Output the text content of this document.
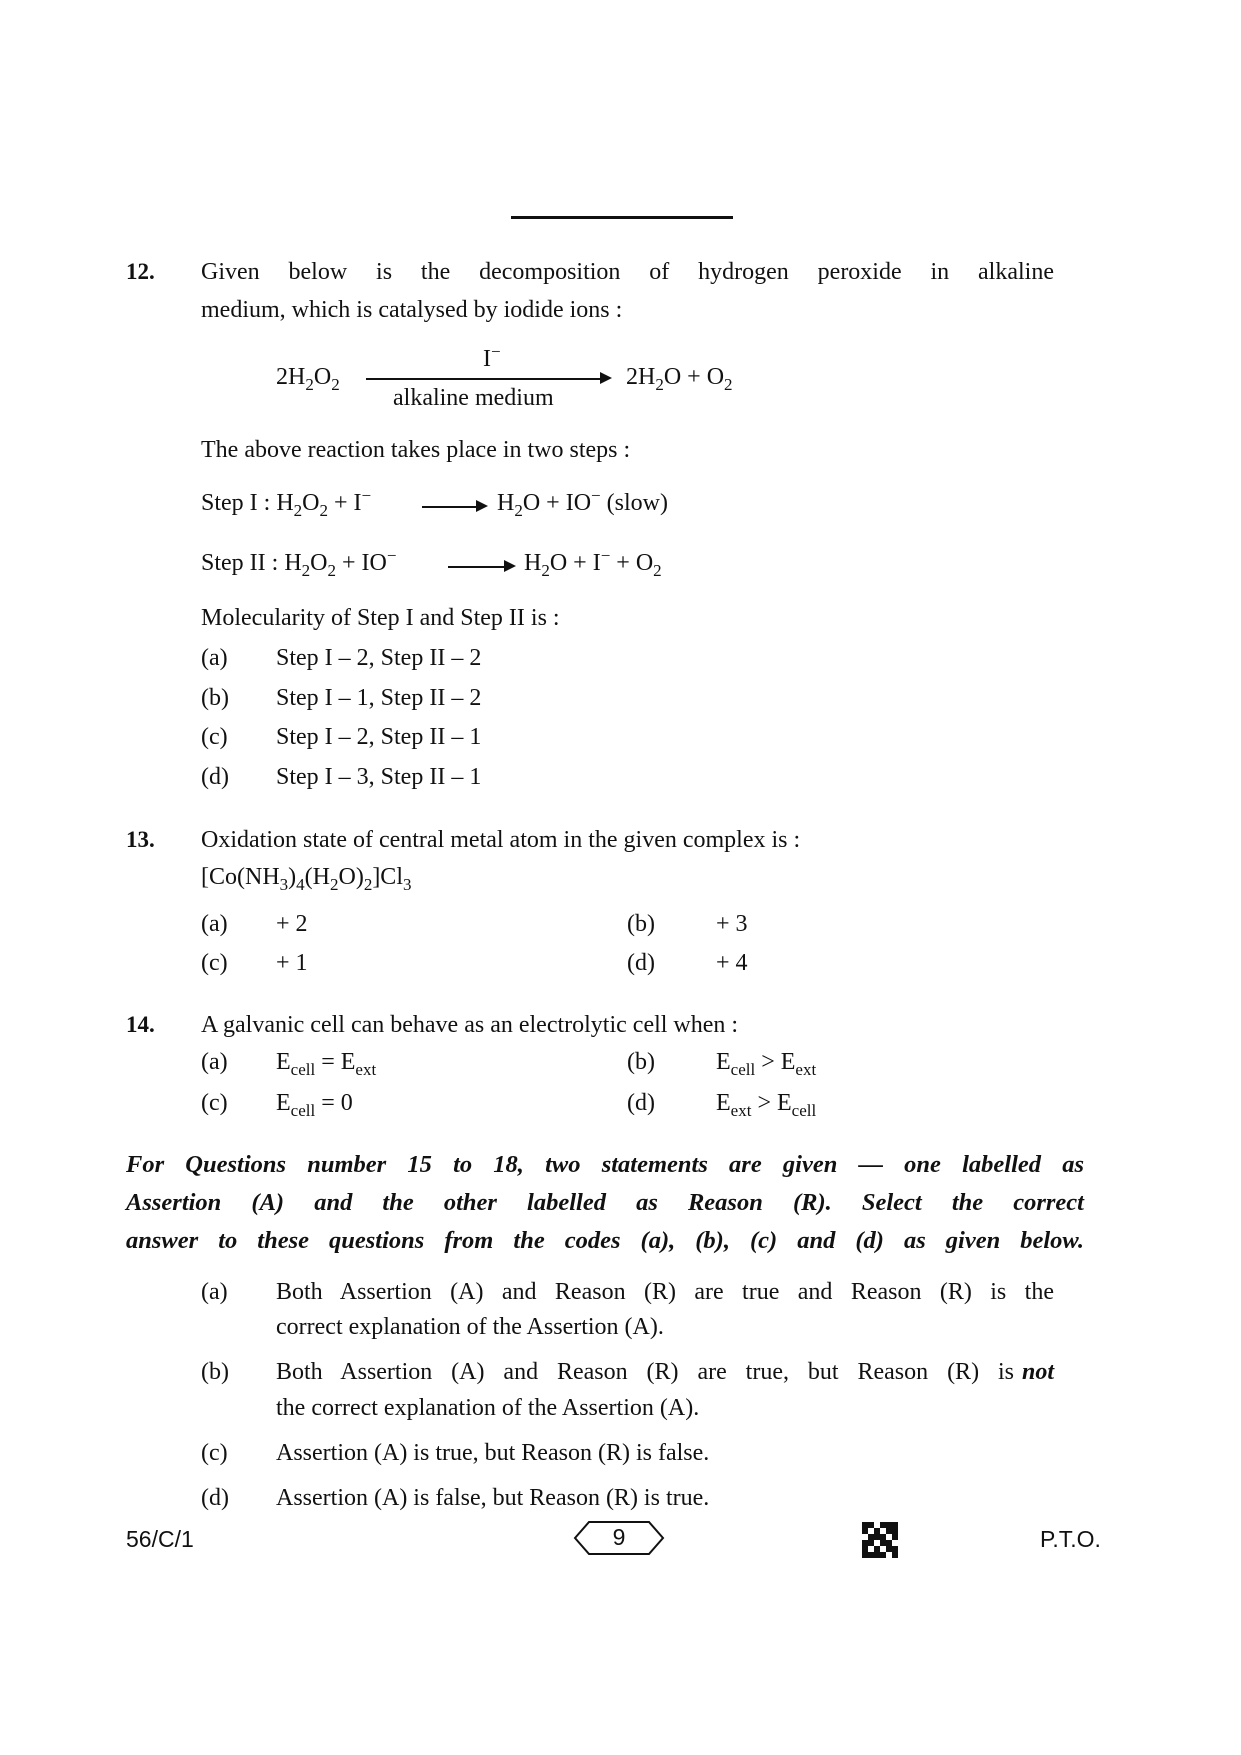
12. Given below is the decomposition of hydrogen peroxide in alkaline
medium, which is catalysed by iodide ions :
$2H_2O_2$
I−
alkaline medium
$2H_2O + O_2$
The above reaction takes place in two steps :
Step I : $H_2O_2 + I^-$	$H_2O + IO^-$ (slow)
Step II : $H_2O_2 + IO^-$	$H_2O + I^- + O_2$
Molecularity of Step I and Step II is :
(a) Step I – 2, Step II – 2
(b) Step I – 1, Step II – 2
(c) Step I – 2, Step II – 1
(d) Step I – 3, Step II – 1
13. Oxidation state of central metal atom in the given complex is :
$[Co(NH_3)_4(H_2O)_2]Cl_3$
(a) + 2	(b)	+ 3
(c) + 1	(d)	+ 4
14. A galvanic cell can behave as an electrolytic cell when :
(a) $E_{cell} = E_{ext}$	(b)	$E_{cell} > E_{ext}$
(c) $E_{cell} = 0$	(d)	$E_{ext} > E_{cell}$
For Questions number 15 to 18, two statements are given — one labelled as
Assertion (A) and the other labelled as Reason (R). Select the correct
answer to these questions from the codes (a), (b), (c) and (d) as given below.
(a) Both Assertion (A) and Reason (R) are true and Reason (R) is the
correct explanation of the Assertion (A).
(b) Both Assertion (A) and Reason (R) are true, but Reason (R) is not
the correct explanation of the Assertion (A).
(c) Assertion (A) is true, but Reason (R) is false.
(d) Assertion (A) is false, but Reason (R) is true.
56/C/1	9	P.T.O.
